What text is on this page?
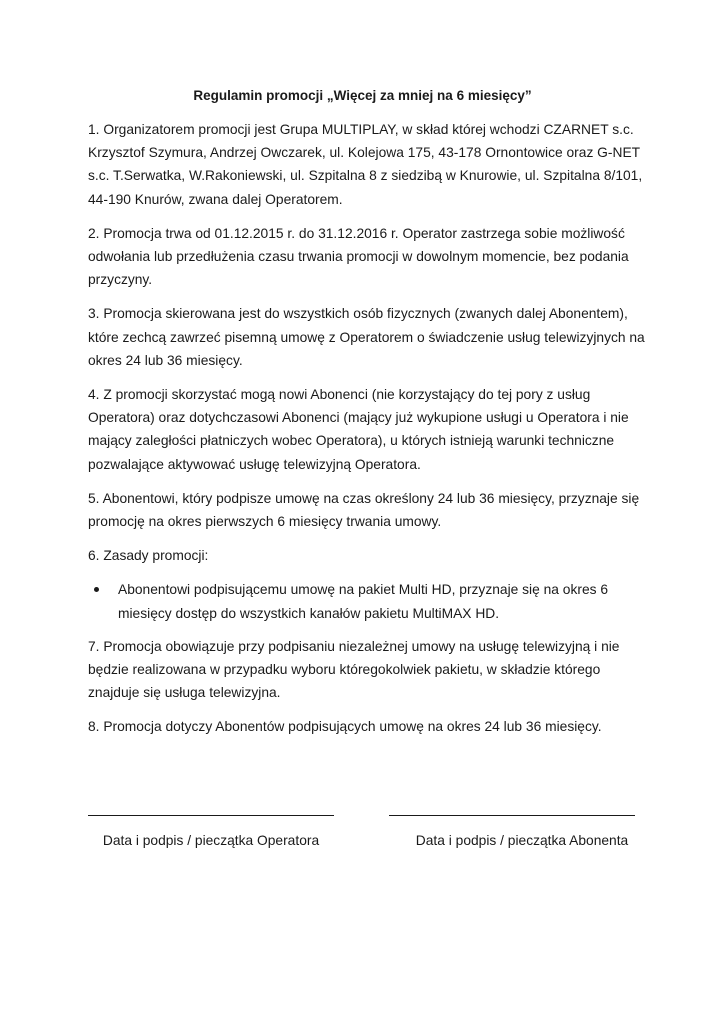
Regulamin promocji „Więcej za mniej na 6 miesięcy”

1. Organizatorem promocji jest Grupa MULTIPLAY, w skład której wchodzi CZARNET s.c. Krzysztof Szymura, Andrzej Owczarek, ul. Kolejowa 175, 43-178 Ornontowice oraz G-NET s.c. T.Serwatka, W.Rakoniewski, ul. Szpitalna 8 z siedzibą w Knurowie, ul. Szpitalna 8/101, 44-190 Knurów, zwana dalej Operatorem.

2. Promocja trwa od 01.12.2015 r. do 31.12.2016 r. Operator zastrzega sobie możliwość odwołania lub przedłużenia czasu trwania promocji w dowolnym momencie, bez podania przyczyny.

3. Promocja skierowana jest do wszystkich osób fizycznych (zwanych dalej Abonentem), które zechcą zawrzeć pisemną umowę z Operatorem o świadczenie usług telewizyjnych na okres 24 lub 36 miesięcy.

4. Z promocji skorzystać mogą nowi Abonenci (nie korzystający do tej pory z usług Operatora) oraz dotychczasowi Abonenci (mający już wykupione usługi u Operatora i nie mający zaległości płatniczych wobec Operatora), u których istnieją warunki techniczne pozwalające aktywować usługę telewizyjną Operatora.

5. Abonentowi, który podpisze umowę na czas określony 24 lub 36 miesięcy, przyznaje się promocję na okres pierwszych 6 miesięcy trwania umowy.

6. Zasady promocji:

Abonentowi podpisującemu umowę na pakiet Multi HD, przyznaje się na okres 6 miesięcy dostęp do wszystkich kanałów pakietu MultiMAX HD.

7. Promocja obowiązuje przy podpisaniu niezależnej umowy na usługę telewizyjną i nie będzie realizowana w przypadku wyboru któregokolwiek pakietu, w składzie którego znajduje się usługa telewizyjna.

8. Promocja dotyczy Abonentów podpisujących umowę na okres 24 lub 36 miesięcy.

Data i podpis / pieczątka Operatora	Data i podpis / pieczątka Abonenta
